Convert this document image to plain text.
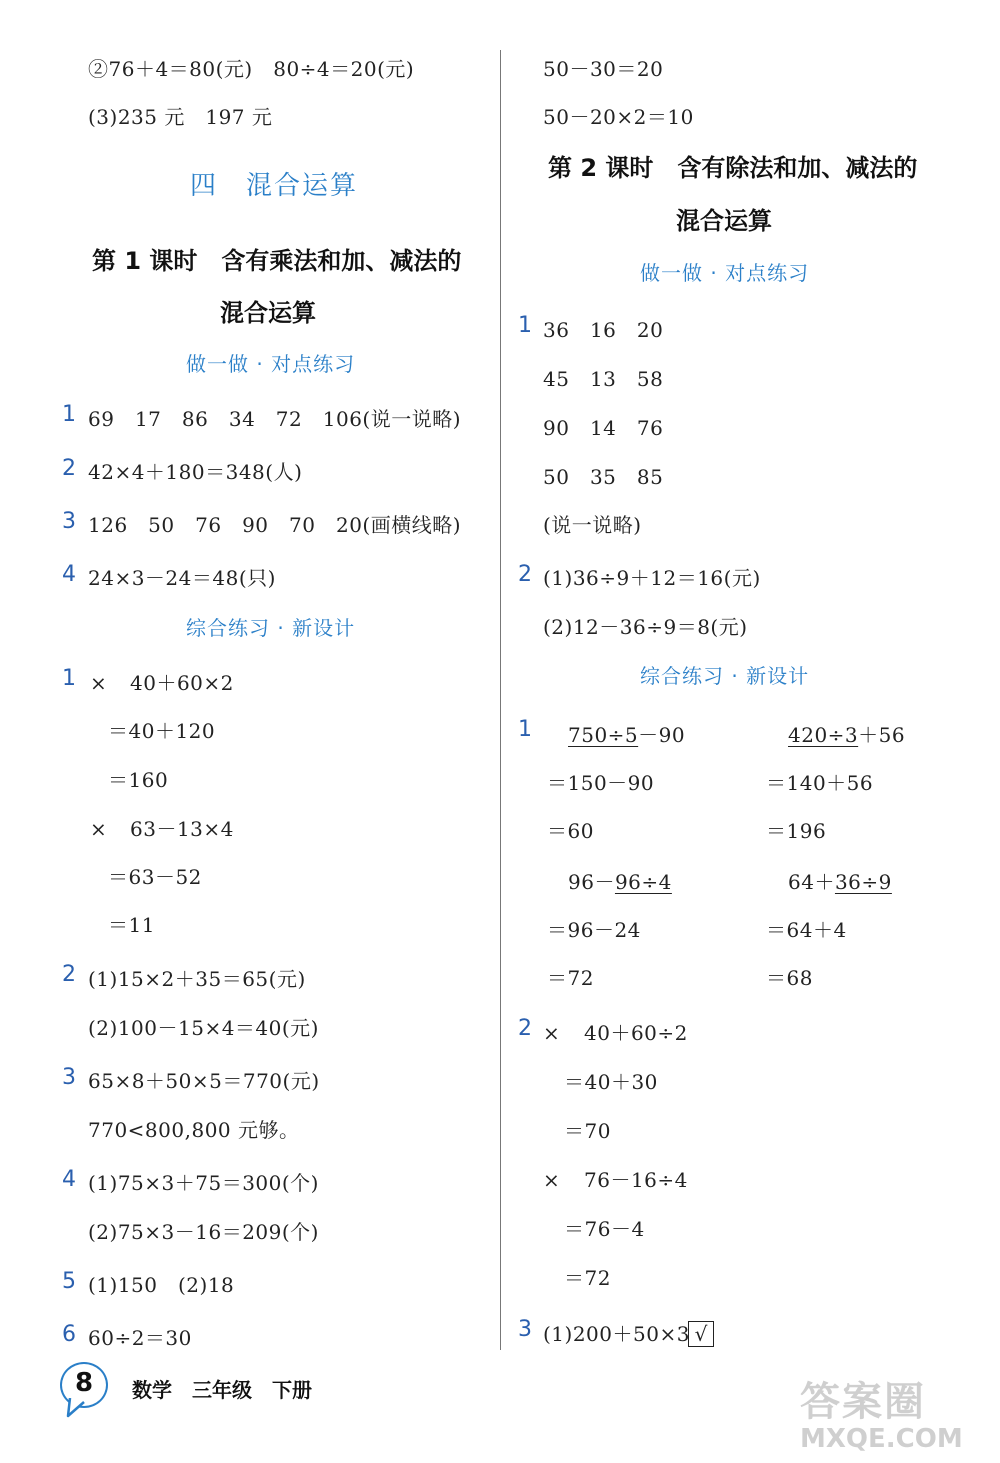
②76＋4＝80(元)　80÷4＝20(元)
(3)235 元　197 元
四　混合运算
第 1 课时　含有乘法和加、减法的
混合运算
做一做 · 对点练习
1 69　17　86　34　72　106(说一说略)
2 42×4＋180＝348(人)
3 126　50　76　90　70　20(画横线略)
4 24×3－24＝48(只)
综合练习 · 新设计
1 × 40＋60×2
＝40＋120
＝160
× 63－13×4
＝63－52
＝11
2 (1)15×2＋35＝65(元)
(2)100－15×4＝40(元)
3 65×8＋50×5＝770(元)
770<800,800 元够。
4 (1)75×3＋75＝300(个)
(2)75×3－16＝209(个)
5 (1)150　(2)18
6 60÷2＝30
50－30＝20
50－20×2＝10
第 2 课时　含有除法和加、减法的
混合运算
做一做 · 对点练习
1 36　16　20
45　13　58
90　14　76
50　35　85
(说一说略)
2 (1)36÷9＋12＝16(元)
(2)12－36÷9＝8(元)
综合练习 · 新设计
1 750÷5－90
＝150－90
＝60
420÷3＋56
＝140＋56
＝196
96－96÷4
＝96－24
＝72
64＋36÷9
＝64＋4
＝68
2 × 40＋60÷2
＝40＋30
＝70
× 76－16÷4
＝76－4
＝72
3 (1)200＋50×3 √
8	数学　三年级　下册	答案圈
MXQE.COM
